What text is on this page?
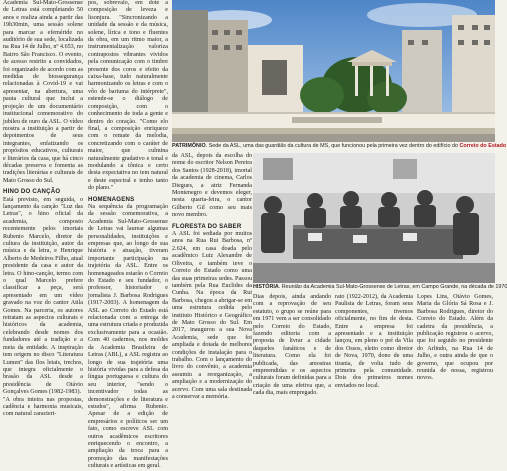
Academia Sul-Mato-Grossense de Letras está completando 50 anos e realiza ainda a partir das 19h30min, uma sessão solene para marcar a efeméride no auditório de sua sede, localizada na Rua 14 de Julho, nº 4.653, no Bairro São Francisco. O evento, de acesso restrito a convidados, foi organizado de acordo com as medidas de biossegurança relacionadas à Covid-19 e vai apresentar, na abertura, uma pauta cultural que inclui a projeção de um documentário institucional comemorativo do jubileu de ouro da ASL. O vídeo mostra a instituição a partir de depoimentos de seus integrantes, enfatizando os propósitos educativos, culturais e literários da casa, que há cinco décadas preserva e fomenta as tradições literárias e culturais de Mato Grosso do Sul.

HINO DO CANÇÃO

Está previsto, em seguida, o lançamento da canção "Luz das Letras", o hino oficial da academia, composto recentemente pelos imortais Rubenio Marcelo, diretor de cultura da instituição, autor da música e da letra, e Henrique Alberto de Medeiros Filho, atual presidente da casa e autor da letra. O hino-canção, termo com o qual Marcelo prefere classificar a peça, será apresentado em um vídeo gravado na voz do cantor Atila Gomes. Na parceria, os autores retratam as aspectos culturais e históricos da academia, celebrando desde nomes dos fundadores até a tradição e a meta da entidade. A inspiração tem origem no disco "Literatura Lumen" das flos letais, trechos, que integra oficialmente o brasão da ASL desde a presidência de Otávio Gonçalves Gomes (1982-1983).
"A obra inteira nas propostas, cadência e harmonia musicais, com natural caracteri-

pos, sobrevalo, em dote a composição de leveza e lisonjura. "Sincronizando a unidade da sessão e da música, solene, lírica e tono e fluentes da obra, em um ritmo maior, a instrumentalização valoriza contrapostos vibrantes vividos pela comunicação com o timbre presente dos coros e efeito da caixa-base, tudo naturalmente harmonizando os letras e com o vôo de bariuma do intérprete", estende-se o diálogo de composição, com o conhecimento de toda a gente e dentro do coração. "Como elo final, a composição enriquece com o remate da melodia, concretizando com o caráter de maior, que culmina naturalmente gradativo e tonal e modulando a tônica e certo desta expectativa no tem natural e deste espectral e tenho tanto do plano."

HOMENAGENS

Na sequência da programação da sessão comemorativa, a Academia Sul-Mato-Grossense de Letras vai laurear algumas personalidades, instituições e empresas que, ao longo de sua história e atuação, tiveram importante participação na trajetória da ASL. Entre os homenageados estarão o Correio do Estado e seu fundador, o professor, historiador e jornalista J. Barbosa Rodrigues (1917-2003). A homenagem da ASL ao Correio do Estado está relacionada com a entrega de uma estrutura criada e produzida exclusivamente para a ocasião. Com 40 cadernos, nos moldes da Academia Brasileira de Letras (ABL), a ASL registra ao longo de sua trajetória uma história vividas para a defesa da língua portuguesa e cultura do seu interior, "sendo o incentivador todas as demonstrações e de literatura e estudos", afirma Rubenio. Apesar de a edição de empresários e políticos ser um fato, como escreve ASL com outros acadêmicos escritores enriquecendo o encontro, a ampliação da troca para a promoção das manifestações culturais e artísticas em geral.

PATRIMÔNIO. Sede da ASL, uma das guardiãs da cultura de MS, que funcionou pela primeira vez dentro do edifício do Correio do Estado

da ASL, depois da escolha do nome do escritor Nelson Pereira dos Santos (1928-2018), imortal da academia de cinema, Carlos Diegues, a atriz Fernanda Montenegro e devemos eleger, nesta quarta-feira, o cantor Gilberto Gil como seu mais novo membro.

FLORESTA DO SABER

A ASL foi sediada por muitos anos na Rua Rui Barbosa, nº 2.624, em casa doada pelo acadêmico Luiz Alexandre de Oliveira, e também teve o Correio do Estado como uma das suas primeiras sedes. Passou também pela Rua Euclides da Cunha. Na época da Rui Barbosa, chegou a abrigar-se em uma estrutura cedida pelo instituto Histórico e Geográfico de Mato Grosso do Sul. Em 2017, inaugurou a sua Nova Academia, sede que foi ampliada e dotada de melhores condições de instalação para o trabalho. Com o lançamento do livro do convênio, a academia assumiu a reorganização, a ampliação e a modernização do acervo. Com uma sala destinada a conservar a memória.

HISTÓRIA. Reunião da Academia Sul-Mato-Grossense de Letras, em Campo Grande, na década de 1970

Dias depois, ainda andando com a reprovação de seu estatuto, o grupo se reúne para em 1971 vem a ser consolidado pelo Correio do Estado, fazendo editoria com a proposta de livrar a cidade daqueles fanáticos e de literatura. Como ela foi publicada, das amostras empreendidas e os aspectos culturais foram definidas para a criação de uma efetiva que, a cada dia, mais empregado.

rato (1922-2012), da Academia Paulista de Letras, foram seus componentes, tivemos oficialmente, no fim de desta. Entre a empresa foi apresentado e a instituição lançou, em pleno o pré da Vila dos Ossos, eleito como diretor de Nova, 1970, dono de uma tirania, de volta tudo de primeira pela comunidade. Dois dos primeiros nomes enviados no local.

Lopes Lins, Otávio Gomes, Maria da Glória Sá Rosa e J. Barbosa Rodrigues, diretor do Correio do Estado. Além da cadeira da presidência, a publicação registrou o acervo, que foi seguido no presidente do Arlindo, na Rua 14 de Julho, e outra ainda de que o governo, que ocupou por reunida de nossa, registrou novos.
